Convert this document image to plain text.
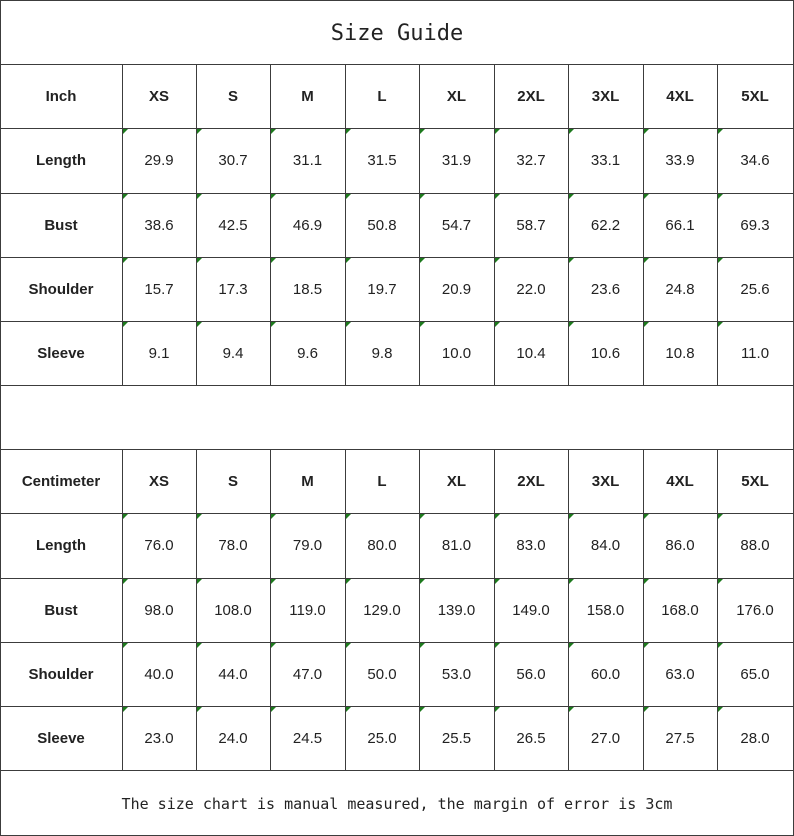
Size Guide
Inch	XS	S	M	L	XL	2XL	3XL	4XL	5XL
Length	29.9	30.7	31.1	31.5	31.9	32.7	33.1	33.9	34.6
Bust	38.6	42.5	46.9	50.8	54.7	58.7	62.2	66.1	69.3
Shoulder	15.7	17.3	18.5	19.7	20.9	22.0	23.6	24.8	25.6
Sleeve	9.1	9.4	9.6	9.8	10.0	10.4	10.6	10.8	11.0
Centimeter	XS	S	M	L	XL	2XL	3XL	4XL	5XL
Length	76.0	78.0	79.0	80.0	81.0	83.0	84.0	86.0	88.0
Bust	98.0	108.0	119.0	129.0 139.0 149.0 158.0 168.0 176.0
Shoulder	40.0	44.0	47.0	50.0	53.0	56.0	60.0	63.0	65.0
Sleeve	23.0	24.0	24.5	25.0	25.5	26.5	27.0	27.5	28.0
The size chart is manual measured, the margin of error is 3cm
